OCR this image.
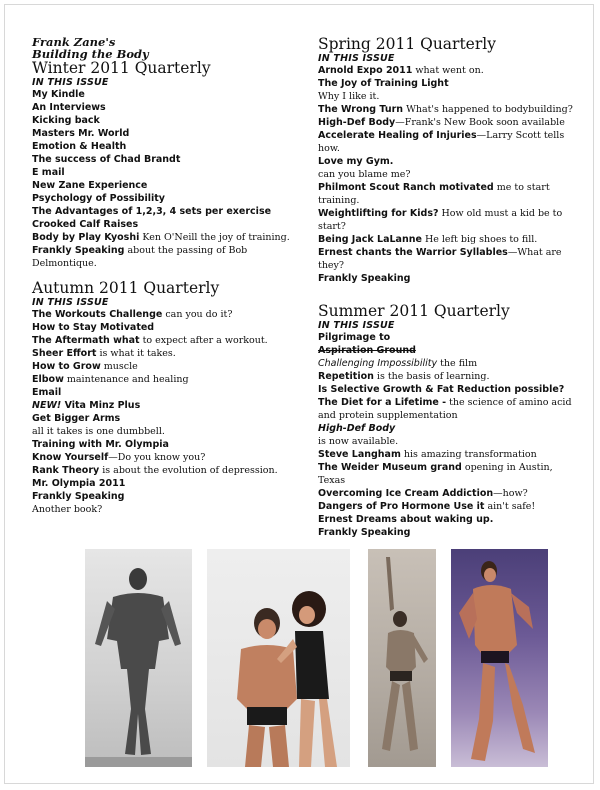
Frank Zane's
Building the Body
Winter 2011 Quarterly
IN THIS ISSUE
My Kindle
An Interviews
Kicking back
Masters Mr. World
Emotion & Health
The success of Chad Brandt
E mail
New Zane Experience
Psychology of Possibility
The Advantages of 1,2,3, 4 sets per exercise
Crooked Calf Raises
Body by Play Kyoshi Ken O'Neill the joy of training.
Frankly Speaking about the passing of Bob Delmontique.
Autumn 2011 Quarterly
IN THIS ISSUE
The Workouts Challenge can you do it?
How to Stay Motivated
The Aftermath what to expect after a workout.
Sheer Effort is what it takes.
How to Grow muscle
Elbow maintenance and healing
Email
NEW! Vita Minz Plus
Get Bigger Arms
all it takes is one dumbbell.
Training with Mr. Olympia
Know Yourself—Do you know you?
Rank Theory is about the evolution of depression.
Mr. Olympia 2011
Frankly Speaking
Another book?
Spring 2011 Quarterly
IN THIS ISSUE
Arnold Expo 2011 what went on.
The Joy of Training Light
Why I like it.
The Wrong Turn What's happened to bodybuilding?
High-Def Body—Frank's New Book soon available
Accelerate Healing of Injuries—Larry Scott tells how.
Love my Gym.
can you blame me?
Philmont Scout Ranch motivated me to start training.
Weightlifting for Kids? How old must a kid be to start?
Being Jack LaLanne He left big shoes to fill.
Ernest chants the Warrior Syllables—What are they?
Frankly Speaking
Summer 2011 Quarterly
IN THIS ISSUE
Pilgrimage to
Aspiration Ground
Challenging Impossibility the film
Repetition is the basis of learning.
Is Selective Growth & Fat Reduction possible?
The Diet for a Lifetime - the science of amino acid and protein supplementation
High-Def Body
is now available.
Steve Langham his amazing transformation
The Weider Museum grand opening in Austin, Texas
Overcoming Ice Cream Addiction—how?
Dangers of Pro Hormone Use it ain't safe!
Ernest Dreams about waking up.
Frankly Speaking
